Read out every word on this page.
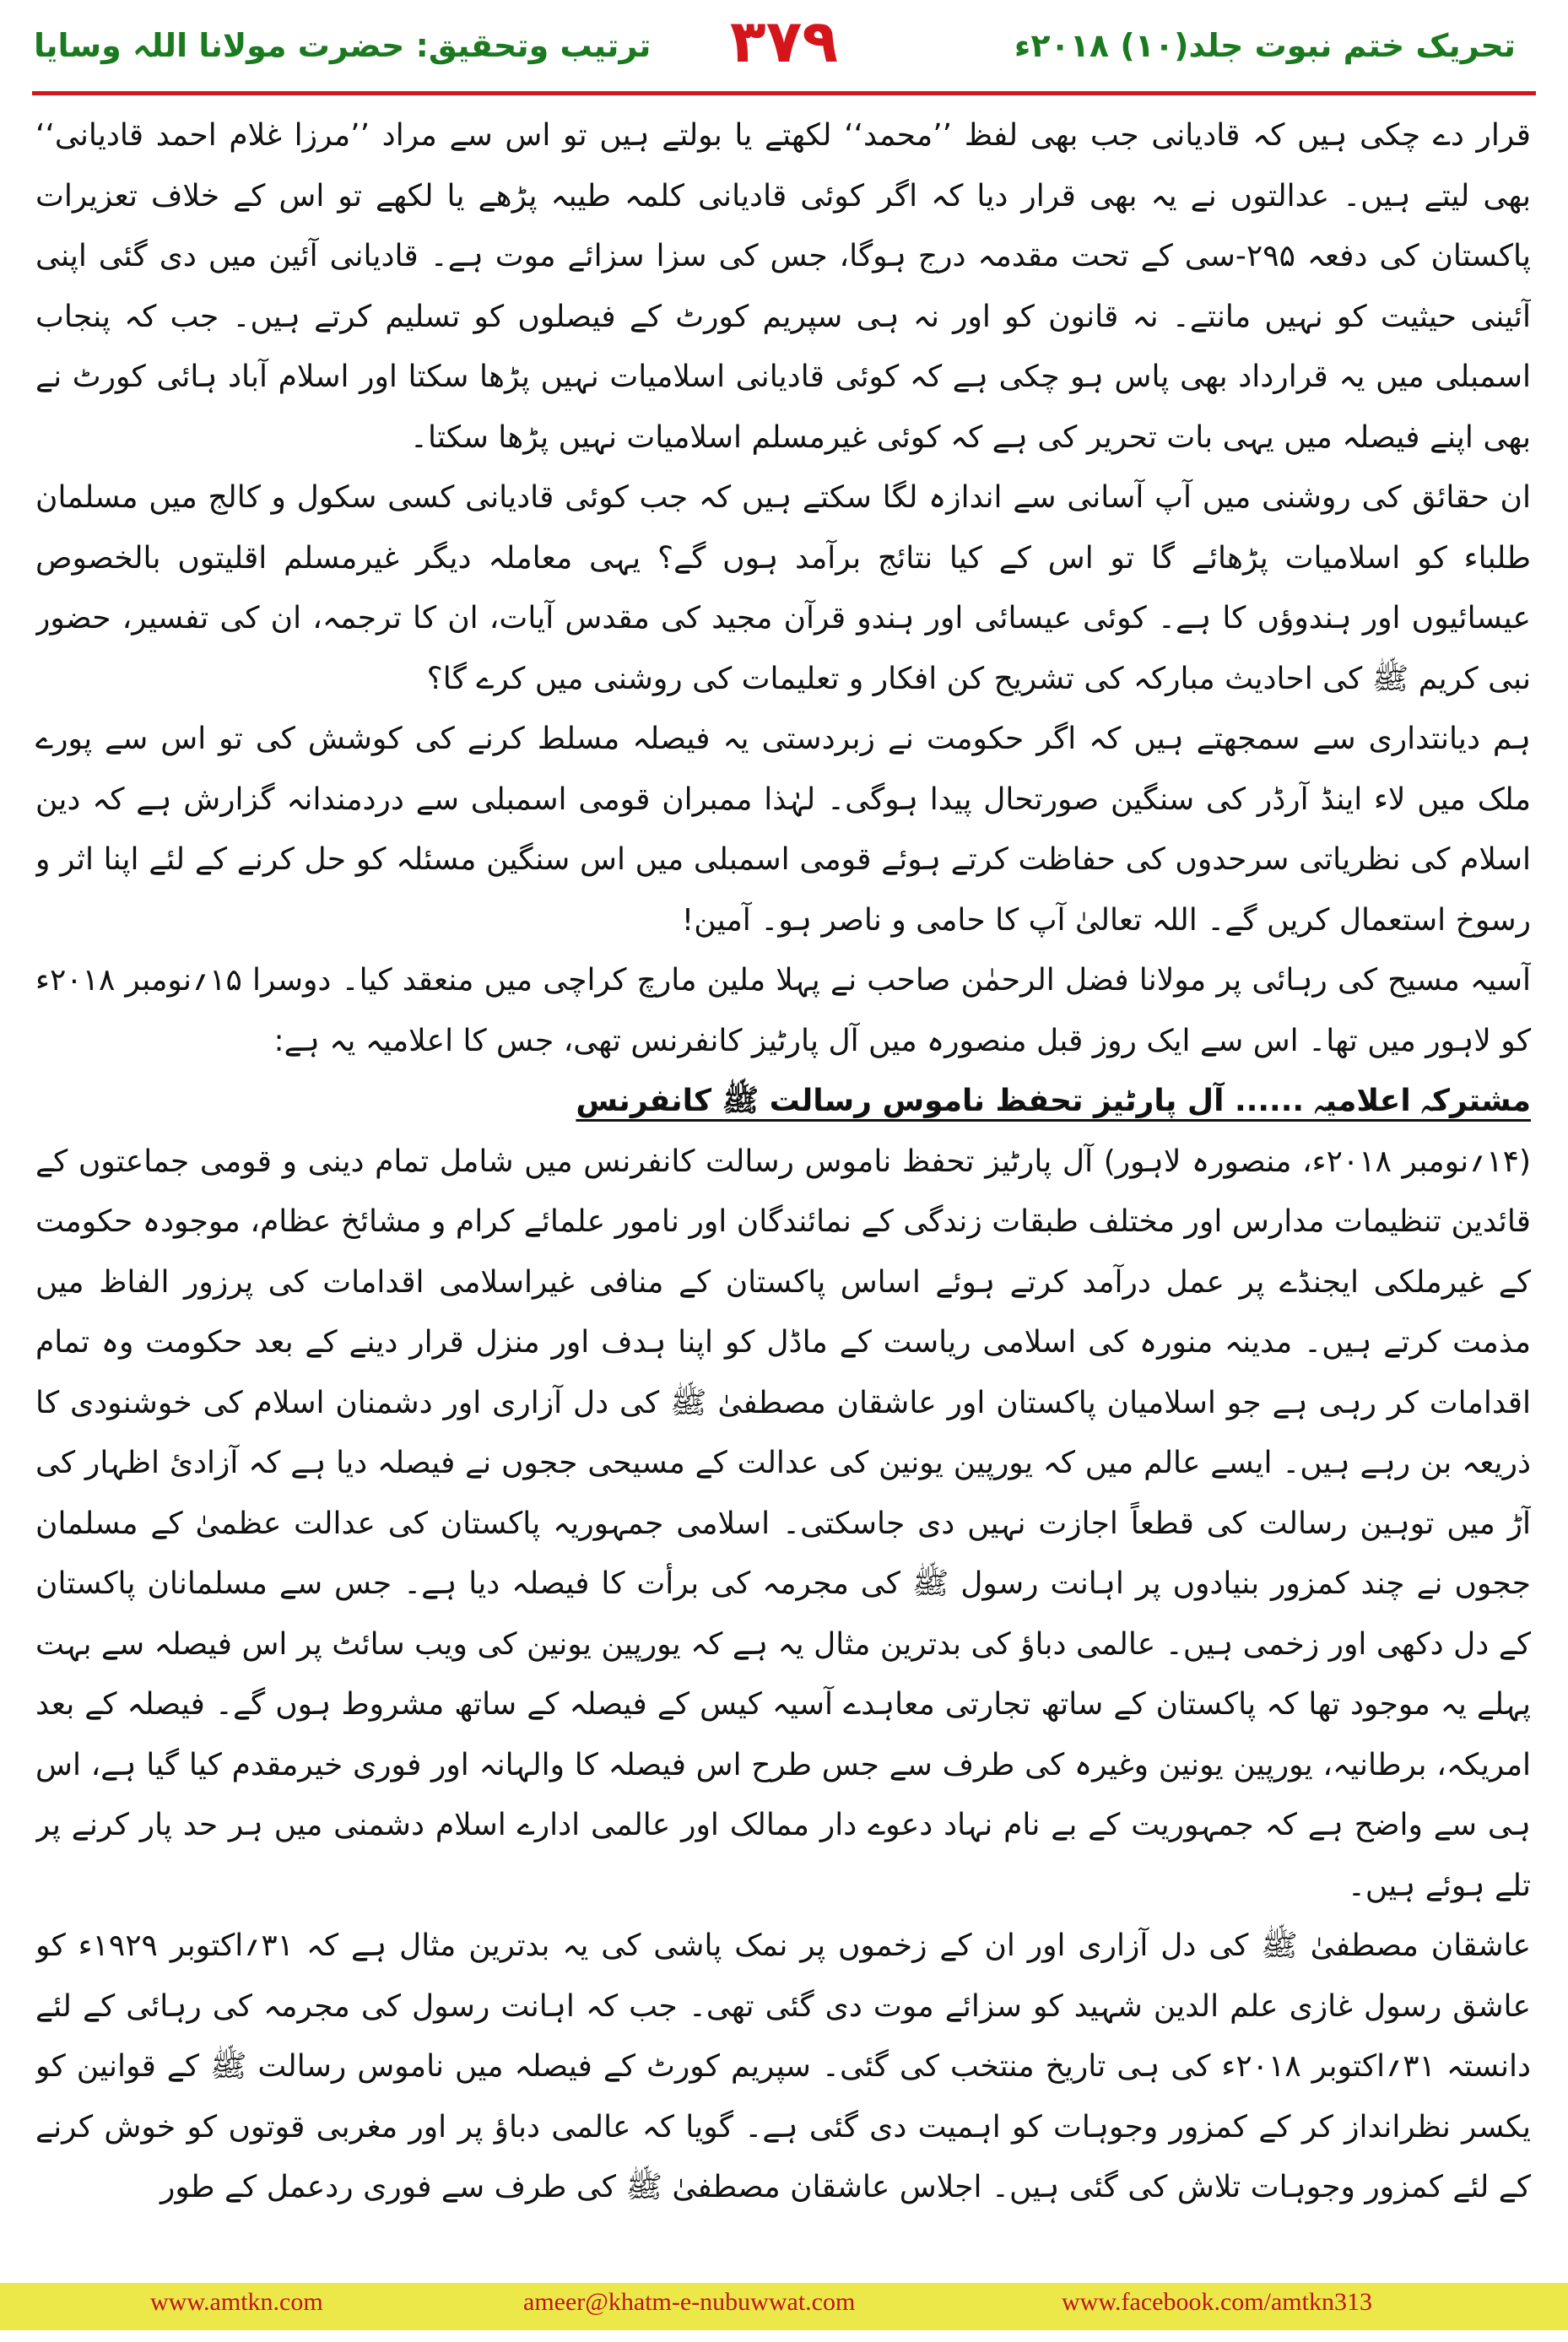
تحریک ختم نبوت جلد(۱۰) ۲۰۱۸ء
۳۷۹
ترتیب وتحقیق: حضرت مولانا اللہ وسایا

قرار دے چکی ہیں کہ قادیانی جب بھی لفظ ’’محمد‘‘ لکھتے یا بولتے ہیں تو اس سے مراد ’’مرزا غلام احمد قادیانی‘‘ بھی لیتے ہیں۔ عدالتوں نے یہ بھی قرار دیا کہ اگر کوئی قادیانی کلمہ طیبہ پڑھے یا لکھے تو اس کے خلاف تعزیرات پاکستان کی دفعہ ۲۹۵-سی کے تحت مقدمہ درج ہوگا، جس کی سزا سزائے موت ہے۔ قادیانی آئین میں دی گئی اپنی آئینی حیثیت کو نہیں مانتے۔ نہ قانون کو اور نہ ہی سپریم کورٹ کے فیصلوں کو تسلیم کرتے ہیں۔ جب کہ پنجاب اسمبلی میں یہ قرارداد بھی پاس ہو چکی ہے کہ کوئی قادیانی اسلامیات نہیں پڑھا سکتا اور اسلام آباد ہائی کورٹ نے بھی اپنے فیصلہ میں یہی بات تحریر کی ہے کہ کوئی غیرمسلم اسلامیات نہیں پڑھا سکتا۔

ان حقائق کی روشنی میں آپ آسانی سے اندازہ لگا سکتے ہیں کہ جب کوئی قادیانی کسی سکول و کالج میں مسلمان طلباء کو اسلامیات پڑھائے گا تو اس کے کیا نتائج برآمد ہوں گے؟ یہی معاملہ دیگر غیرمسلم اقلیتوں بالخصوص عیسائیوں اور ہندوؤں کا ہے۔ کوئی عیسائی اور ہندو قرآن مجید کی مقدس آیات، ان کا ترجمہ، ان کی تفسیر، حضور نبی کریم ﷺ کی احادیث مبارکہ کی تشریح کن افکار و تعلیمات کی روشنی میں کرے گا؟

ہم دیانتداری سے سمجھتے ہیں کہ اگر حکومت نے زبردستی یہ فیصلہ مسلط کرنے کی کوشش کی تو اس سے پورے ملک میں لاء اینڈ آرڈر کی سنگین صورتحال پیدا ہوگی۔ لہٰذا ممبران قومی اسمبلی سے دردمندانہ گزارش ہے کہ دین اسلام کی نظریاتی سرحدوں کی حفاظت کرتے ہوئے قومی اسمبلی میں اس سنگین مسئلہ کو حل کرنے کے لئے اپنا اثر و رسوخ استعمال کریں گے۔ اللہ تعالیٰ آپ کا حامی و ناصر ہو۔ آمین!

آسیہ مسیح کی رہائی پر مولانا فضل الرحمٰن صاحب نے پہلا ملین مارچ کراچی میں منعقد کیا۔ دوسرا ۱۵؍نومبر ۲۰۱۸ء کو لاہور میں تھا۔ اس سے ایک روز قبل منصورہ میں آل پارٹیز کانفرنس تھی، جس کا اعلامیہ یہ ہے:

مشترکہ اعلامیہ ...... آل پارٹیز تحفظ ناموس رسالت ﷺ کانفرنس

(۱۴؍نومبر ۲۰۱۸ء، منصورہ لاہور) آل پارٹیز تحفظ ناموس رسالت کانفرنس میں شامل تمام دینی و قومی جماعتوں کے قائدین تنظیمات مدارس اور مختلف طبقات زندگی کے نمائندگان اور نامور علمائے کرام و مشائخ عظام، موجودہ حکومت کے غیرملکی ایجنڈے پر عمل درآمد کرتے ہوئے اساس پاکستان کے منافی غیراسلامی اقدامات کی پرزور الفاظ میں مذمت کرتے ہیں۔ مدینہ منورہ کی اسلامی ریاست کے ماڈل کو اپنا ہدف اور منزل قرار دینے کے بعد حکومت وہ تمام اقدامات کر رہی ہے جو اسلامیان پاکستان اور عاشقان مصطفیٰ ﷺ کی دل آزاری اور دشمنان اسلام کی خوشنودی کا ذریعہ بن رہے ہیں۔ ایسے عالم میں کہ یورپین یونین کی عدالت کے مسیحی ججوں نے فیصلہ دیا ہے کہ آزادیٔ اظہار کی آڑ میں توہین رسالت کی قطعاً اجازت نہیں دی جاسکتی۔ اسلامی جمہوریہ پاکستان کی عدالت عظمیٰ کے مسلمان ججوں نے چند کمزور بنیادوں پر اہانت رسول ﷺ کی مجرمہ کی برأت کا فیصلہ دیا ہے۔ جس سے مسلمانان پاکستان کے دل دکھی اور زخمی ہیں۔ عالمی دباؤ کی بدترین مثال یہ ہے کہ یورپین یونین کی ویب سائٹ پر اس فیصلہ سے بہت پہلے یہ موجود تھا کہ پاکستان کے ساتھ تجارتی معاہدے آسیہ کیس کے فیصلہ کے ساتھ مشروط ہوں گے۔ فیصلہ کے بعد امریکہ، برطانیہ، یورپین یونین وغیرہ کی طرف سے جس طرح اس فیصلہ کا والہانہ اور فوری خیرمقدم کیا گیا ہے، اس ہی سے واضح ہے کہ جمہوریت کے بے نام نہاد دعوے دار ممالک اور عالمی ادارے اسلام دشمنی میں ہر حد پار کرنے پر تلے ہوئے ہیں۔

عاشقان مصطفیٰ ﷺ کی دل آزاری اور ان کے زخموں پر نمک پاشی کی یہ بدترین مثال ہے کہ ۳۱؍اکتوبر ۱۹۲۹ء کو عاشق رسول غازی علم الدین شہید کو سزائے موت دی گئی تھی۔ جب کہ اہانت رسول کی مجرمہ کی رہائی کے لئے دانستہ ۳۱؍اکتوبر ۲۰۱۸ء کی ہی تاریخ منتخب کی گئی۔ سپریم کورٹ کے فیصلہ میں ناموس رسالت ﷺ کے قوانین کو یکسر نظرانداز کر کے کمزور وجوہات کو اہمیت دی گئی ہے۔ گویا کہ عالمی دباؤ پر اور مغربی قوتوں کو خوش کرنے کے لئے کمزور وجوہات تلاش کی گئی ہیں۔ اجلاس عاشقان مصطفیٰ ﷺ کی طرف سے فوری ردعمل کے طور

www.amtkn.com	ameer@khatm-e-nubuwwat.com	www.facebook.com/amtkn313
